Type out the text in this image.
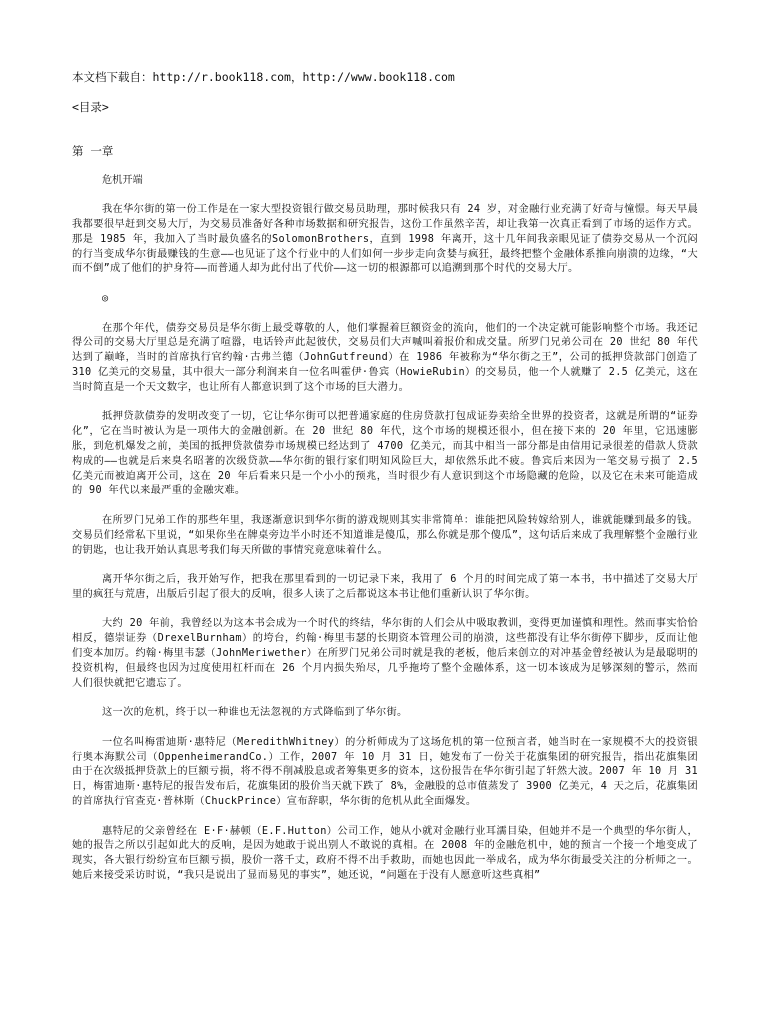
本文档下载自：http://r.book118.com，http://www.book118.com

<目录>

第 一章

危机开端

我在华尔街的第一份工作是在一家大型投资银行做交易员助理，那时候我只有 24 岁，对金融行业充满了好奇与憧憬。每天早晨我都要很早赶到交易大厅，为交易员准备好各种市场数据和研究报告，这份工作虽然辛苦，却让我第一次真正看到了市场的运作方式。那是 1985 年，我加入了当时最负盛名的SolomonBrothers，直到 1998 年离开，这十几年间我亲眼见证了债券交易从一个沉闷的行当变成华尔街最赚钱的生意——也见证了这个行业中的人们如何一步步走向贪婪与疯狂，最终把整个金融体系推向崩溃的边缘，“大而不倒”成了他们的护身符——而普通人却为此付出了代价——这一切的根源都可以追溯到那个时代的交易大厅。

◎

在那个年代，债券交易员是华尔街上最受尊敬的人，他们掌握着巨额资金的流向，他们的一个决定就可能影响整个市场。我还记得公司的交易大厅里总是充满了喧嚣，电话铃声此起彼伏，交易员们大声喊叫着报价和成交量。所罗门兄弟公司在 20 世纪 80 年代达到了巅峰，当时的首席执行官约翰·古弗兰德（JohnGutfreund）在 1986 年被称为“华尔街之王”，公司的抵押贷款部门创造了 310 亿美元的交易量，其中很大一部分利润来自一位名叫霍伊·鲁宾（HowieRubin）的交易员，他一个人就赚了 2.5 亿美元，这在当时简直是一个天文数字，也让所有人都意识到了这个市场的巨大潜力。

抵押贷款债券的发明改变了一切，它让华尔街可以把普通家庭的住房贷款打包成证券卖给全世界的投资者，这就是所谓的“证券化”，它在当时被认为是一项伟大的金融创新。在 20 世纪 80 年代，这个市场的规模还很小，但在接下来的 20 年里，它迅速膨胀，到危机爆发之前，美国的抵押贷款债券市场规模已经达到了 4700 亿美元，而其中相当一部分都是由信用记录很差的借款人贷款构成的——也就是后来臭名昭著的次级贷款——华尔街的银行家们明知风险巨大，却依然乐此不疲。鲁宾后来因为一笔交易亏损了 2.5 亿美元而被迫离开公司，这在 20 年后看来只是一个小小的预兆，当时很少有人意识到这个市场隐藏的危险，以及它在未来可能造成的 90 年代以来最严重的金融灾难。

在所罗门兄弟工作的那些年里，我逐渐意识到华尔街的游戏规则其实非常简单：谁能把风险转嫁给别人，谁就能赚到最多的钱。交易员们经常私下里说，“如果你坐在牌桌旁边半小时还不知道谁是傻瓜，那么你就是那个傻瓜”，这句话后来成了我理解整个金融行业的钥匙，也让我开始认真思考我们每天所做的事情究竟意味着什么。

离开华尔街之后，我开始写作，把我在那里看到的一切记录下来，我用了 6 个月的时间完成了第一本书，书中描述了交易大厅里的疯狂与荒唐，出版后引起了很大的反响，很多人读了之后都说这本书让他们重新认识了华尔街。

大约 20 年前，我曾经以为这本书会成为一个时代的终结，华尔街的人们会从中吸取教训，变得更加谨慎和理性。然而事实恰恰相反，德崇证券（DrexelBurnham）的垮台，约翰·梅里韦瑟的长期资本管理公司的崩溃，这些都没有让华尔街停下脚步，反而让他们变本加厉。约翰·梅里韦瑟（JohnMeriwether）在所罗门兄弟公司时就是我的老板，他后来创立的对冲基金曾经被认为是最聪明的投资机构，但最终也因为过度使用杠杆而在 26 个月内损失殆尽，几乎拖垮了整个金融体系，这一切本该成为足够深刻的警示，然而人们很快就把它遗忘了。

这一次的危机，终于以一种谁也无法忽视的方式降临到了华尔街。

一位名叫梅雷迪斯·惠特尼（MeredithWhitney）的分析师成为了这场危机的第一位预言者，她当时在一家规模不大的投资银行奥本海默公司（OppenheimerandCo.）工作，2007 年 10 月 31 日，她发布了一份关于花旗集团的研究报告，指出花旗集团由于在次级抵押贷款上的巨额亏损，将不得不削减股息或者筹集更多的资本，这份报告在华尔街引起了轩然大波。2007 年 10 月 31 日，梅雷迪斯·惠特尼的报告发布后，花旗集团的股价当天就下跌了 8%，金融股的总市值蒸发了 3900 亿美元，4 天之后，花旗集团的首席执行官查克·普林斯（ChuckPrince）宣布辞职，华尔街的危机从此全面爆发。

惠特尼的父亲曾经在 E·F·赫顿（E.F.Hutton）公司工作，她从小就对金融行业耳濡目染，但她并不是一个典型的华尔街人，她的报告之所以引起如此大的反响，是因为她敢于说出别人不敢说的真相。在 2008 年的金融危机中，她的预言一个接一个地变成了现实，各大银行纷纷宣布巨额亏损，股价一落千丈，政府不得不出手救助，而她也因此一举成名，成为华尔街最受关注的分析师之一。她后来接受采访时说，“我只是说出了显而易见的事实”，她还说，“问题在于没有人愿意听这些真相”
